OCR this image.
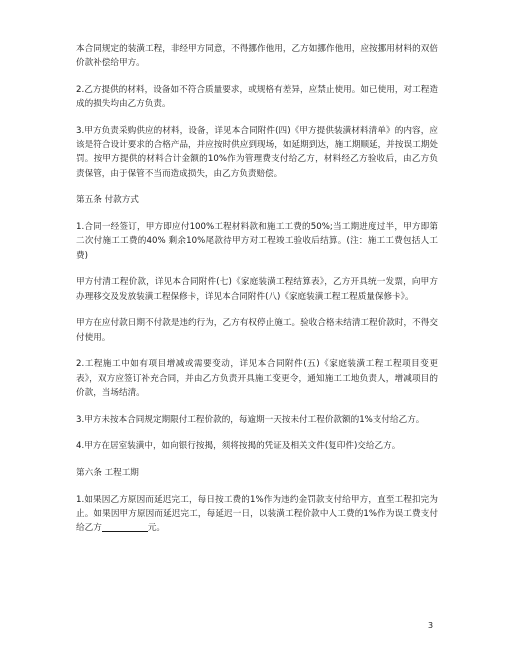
本合同规定的装潢工程，非经甲方同意，不得挪作他用，乙方如挪作他用，应按挪用材料的双倍价款补偿给甲方。

2.乙方提供的材料，设备如不符合质量要求，或规格有差异，应禁止使用。如已使用，对工程造成的损失均由乙方负责。

3.甲方负责采购供应的材料，设备，详见本合同附件(四)《甲方提供装潢材料清单》的内容，应该是符合设计要求的合格产品，并应按时供应到现场，如延期到达，施工期顺延，并按误工期处罚。按甲方提供的材料合计金额的10%作为管理费支付给乙方，材料经乙方验收后，由乙方负责保管，由于保管不当而造成损失，由乙方负责赔偿。

第五条 付款方式

1.合同一经签订，甲方即应付100%工程材料款和施工工费的50%;当工期进度过半，甲方即第二次付施工工费的40% 剩余10%尾款待甲方对工程竣工验收后结算。(注：施工工费包括人工费)

甲方付清工程价款，详见本合同附件(七)《家庭装潢工程结算表》，乙方开具统一发票，向甲方办理移交及发放装潢工程保修卡，详见本合同附件(八)《家庭装潢工程工程质量保修卡》。

甲方在应付款日期不付款是违约行为，乙方有权停止施工。验收合格未结清工程价款时，不得交付使用。

2.工程施工中如有项目增减或需要变动，详见本合同附件(五)《家庭装潢工程工程项目变更表》，双方应签订补充合同，并由乙方负责开具施工变更令，通知施工工地负责人，增减项目的价款，当场结清。

3.甲方未按本合同规定期限付工程价款的，每逾期一天按未付工程价款额的1%支付给乙方。

4.甲方在居室装潢中，如向银行按揭，须将按揭的凭证及相关文件(复印件)交给乙方。

第六条 工程工期

1.如果因乙方原因而延迟完工，每日按工费的1%作为违约金罚款支付给甲方，直至工程扣完为止。如果因甲方原因而延迟完工，每延迟一日，以装潢工程价款中人工费的1%作为误工费支付给乙方	元。

3
